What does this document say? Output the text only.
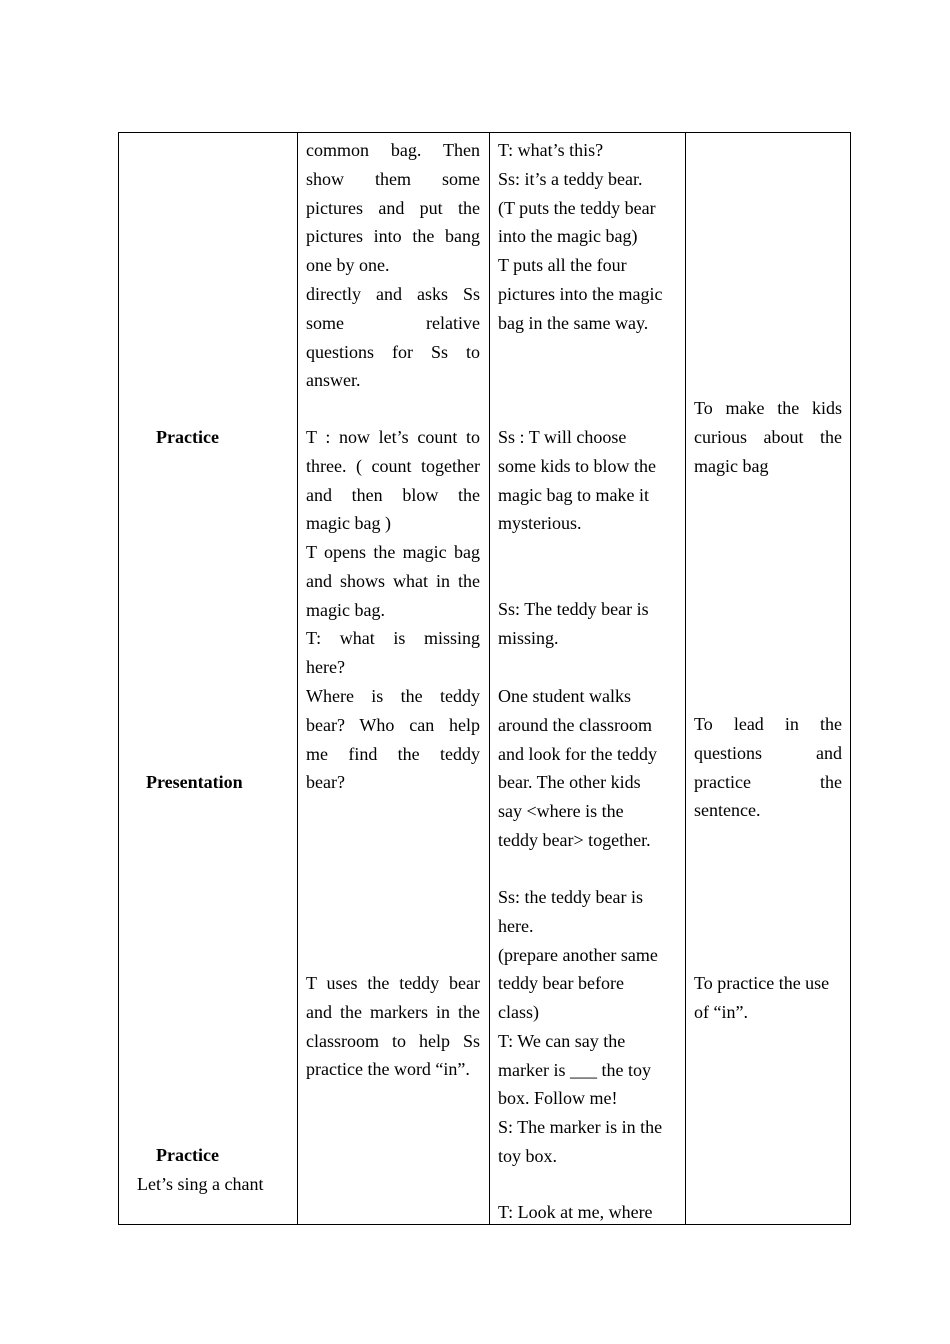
Practice
Presentation
Practice
Let’s sing a chant

common bag. Then

show them some

pictures and put the

pictures into the bang

one by one.

directly and asks Ss

some relative

questions for Ss to

answer.

T : now let’s count to

three. ( count together

and then blow the

magic bag )

T opens the magic bag

and shows what in the

magic bag.

T: what is missing

here?

Where is the teddy

bear? Who can help

me find the teddy

bear?

T uses the teddy bear

and the markers in the

classroom to help Ss

practice the word “in”.

T: what’s this?

Ss: it’s a teddy bear.

(T puts the teddy bear

into the magic bag)

T puts all the four

pictures into the magic

bag in the same way.

Ss : T will choose

some kids to blow the

magic bag to make it

mysterious.

Ss: The teddy bear is

missing.

One student walks

around the classroom

and look for the teddy

bear. The other kids

say <where is the

teddy bear> together.

Ss: the teddy bear is

here.

(prepare another same

teddy bear before

class)

T: We can say the

marker is ___ the toy

box. Follow me!

S: The marker is in the

toy box.

T: Look at me, where

To make the kids

curious about the

magic bag

To lead in the

questions and

practice the

sentence.

To practice the use

of “in”.
